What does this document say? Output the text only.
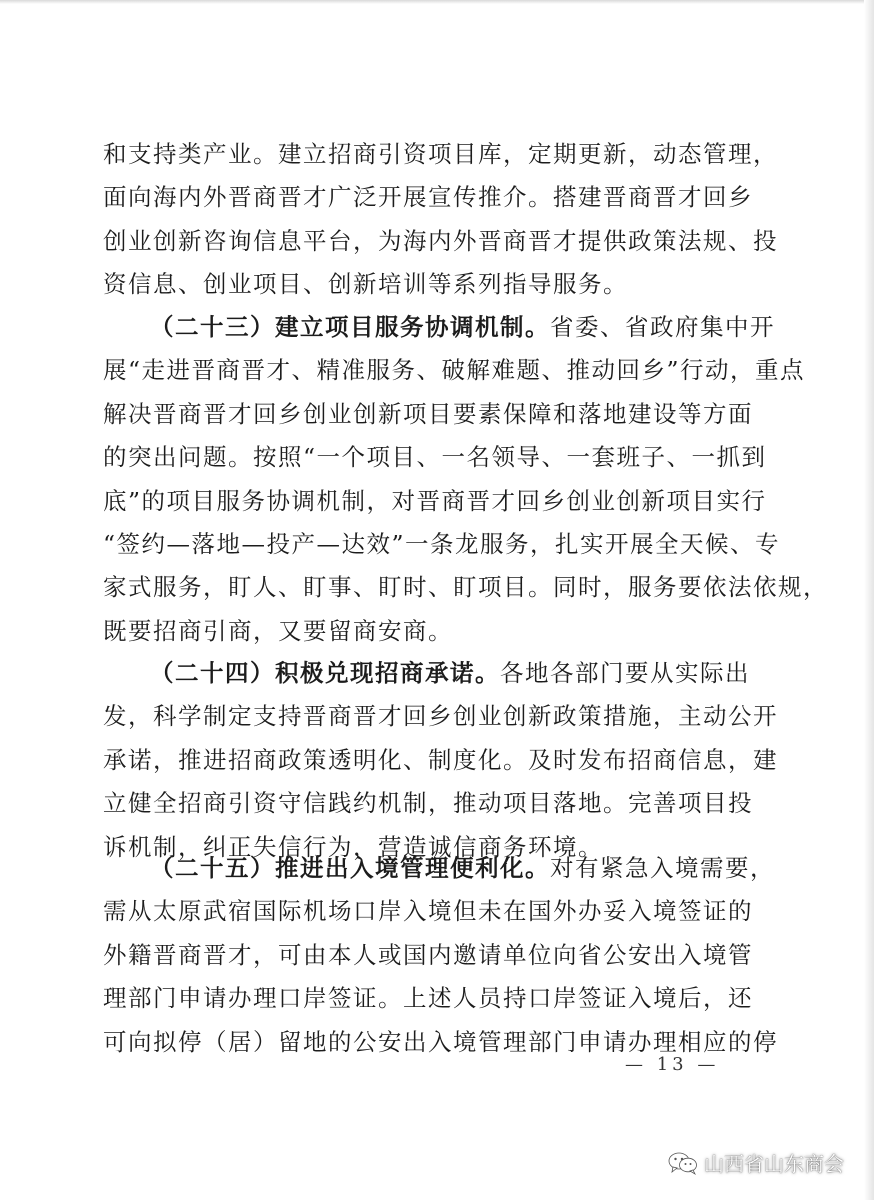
和支持类产业。建立招商引资项目库，定期更新，动态管理，
面向海内外晋商晋才广泛开展宣传推介。搭建晋商晋才回乡
创业创新咨询信息平台，为海内外晋商晋才提供政策法规、投
资信息、创业项目、创新培训等系列指导服务。
（二十三）建立项目服务协调机制。省委、省政府集中开
展“走进晋商晋才、精准服务、破解难题、推动回乡”行动，重点
解决晋商晋才回乡创业创新项目要素保障和落地建设等方面
的突出问题。按照“一个项目、一名领导、一套班子、一抓到
底”的项目服务协调机制，对晋商晋才回乡创业创新项目实行
“签约—落地—投产—达效”一条龙服务，扎实开展全天候、专
家式服务，盯人、盯事、盯时、盯项目。同时，服务要依法依规，
既要招商引商，又要留商安商。
（二十四）积极兑现招商承诺。各地各部门要从实际出
发，科学制定支持晋商晋才回乡创业创新政策措施，主动公开
承诺，推进招商政策透明化、制度化。及时发布招商信息，建
立健全招商引资守信践约机制，推动项目落地。完善项目投
诉机制，纠正失信行为，营造诚信商务环境。
（二十五）推进出入境管理便利化。对有紧急入境需要，
需从太原武宿国际机场口岸入境但未在国外办妥入境签证的
外籍晋商晋才，可由本人或国内邀请单位向省公安出入境管
理部门申请办理口岸签证。上述人员持口岸签证入境后，还
可向拟停（居）留地的公安出入境管理部门申请办理相应的停
— 13 —
山西省山东商会
